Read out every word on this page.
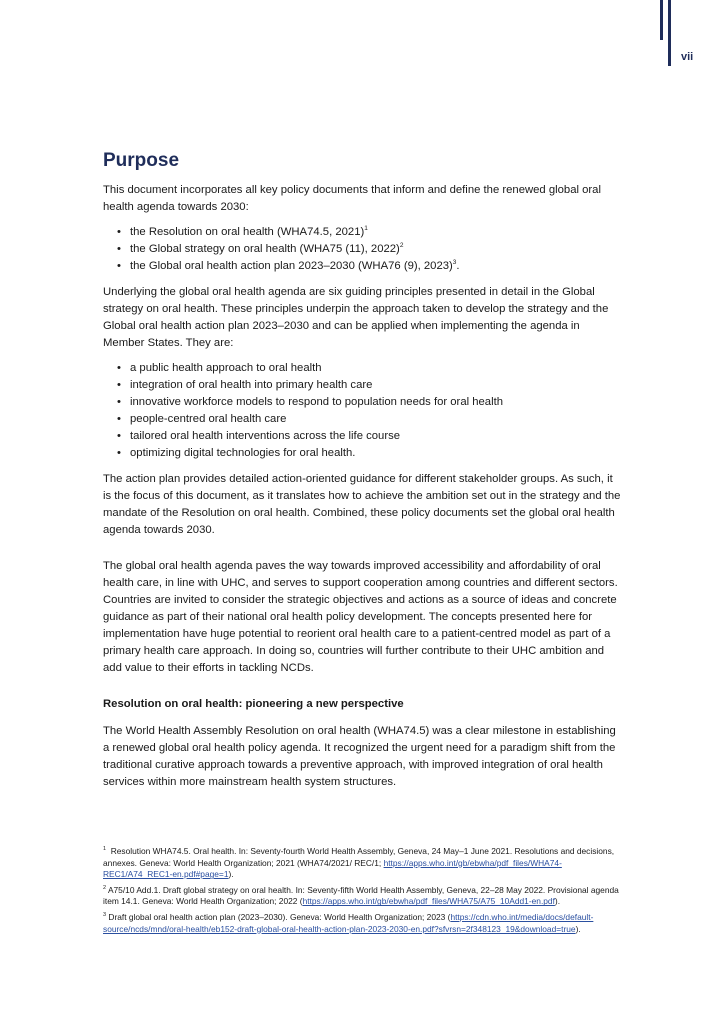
vii
Purpose

This document incorporates all key policy documents that inform and define the renewed global oral health agenda towards 2030:

• the Resolution on oral health (WHA74.5, 2021)$^1$
• the Global strategy on oral health (WHA75 (11), 2022)$^2$
• the Global oral health action plan 2023–2030 (WHA76 (9), 2023)$^3$.

Underlying the global oral health agenda are six guiding principles presented in detail in the Global strategy on oral health. These principles underpin the approach taken to develop the strategy and the Global oral health action plan 2023–2030 and can be applied when implementing the agenda in Member States. They are:

• a public health approach to oral health
• integration of oral health into primary health care
• innovative workforce models to respond to population needs for oral health
• people-centred oral health care
• tailored oral health interventions across the life course
• optimizing digital technologies for oral health.

The action plan provides detailed action-oriented guidance for different stakeholder groups. As such, it is the focus of this document, as it translates how to achieve the ambition set out in the strategy and the mandate of the Resolution on oral health. Combined, these policy documents set the global oral health agenda towards 2030.

The global oral health agenda paves the way towards improved accessibility and affordability of oral health care, in line with UHC, and serves to support cooperation among countries and different sectors. Countries are invited to consider the strategic objectives and actions as a source of ideas and concrete guidance as part of their national oral health policy development. The concepts presented here for implementation have huge potential to reorient oral health care to a patient-centred model as part of a primary health care approach. In doing so, countries will further contribute to their UHC ambition and add value to their efforts in tackling NCDs.

Resolution on oral health: pioneering a new perspective

The World Health Assembly Resolution on oral health (WHA74.5) was a clear milestone in establishing a renewed global oral health policy agenda. It recognized the urgent need for a paradigm shift from the traditional curative approach towards a preventive approach, with improved integration of oral health services within more mainstream health system structures.

$^1$ Resolution WHA74.5. Oral health. In: Seventy-fourth World Health Assembly, Geneva, 24 May–1 June 2021. Resolutions and decisions, annexes. Geneva: World Health Organization; 2021 (WHA74/2021/ REC/1; https://apps.who.int/gb/ebwha/pdf_files/WHA74-REC1/A74_REC1-en.pdf#page=1).
$^2$ A75/10 Add.1. Draft global strategy on oral health. In: Seventy-fifth World Health Assembly, Geneva, 22–28 May 2022. Provisional agenda item 14.1. Geneva: World Health Organization; 2022 (https://apps.who.int/gb/ebwha/pdf_files/WHA75/A75_10Add1-en.pdf).
$^3$ Draft global oral health action plan (2023–2030). Geneva: World Health Organization; 2023 (https://cdn.who.int/media/docs/default-source/ncds/mnd/oral-health/eb152-draft-global-oral-health-action-plan-2023-2030-en.pdf?sfvrsn=2f348123_19&download=true).
